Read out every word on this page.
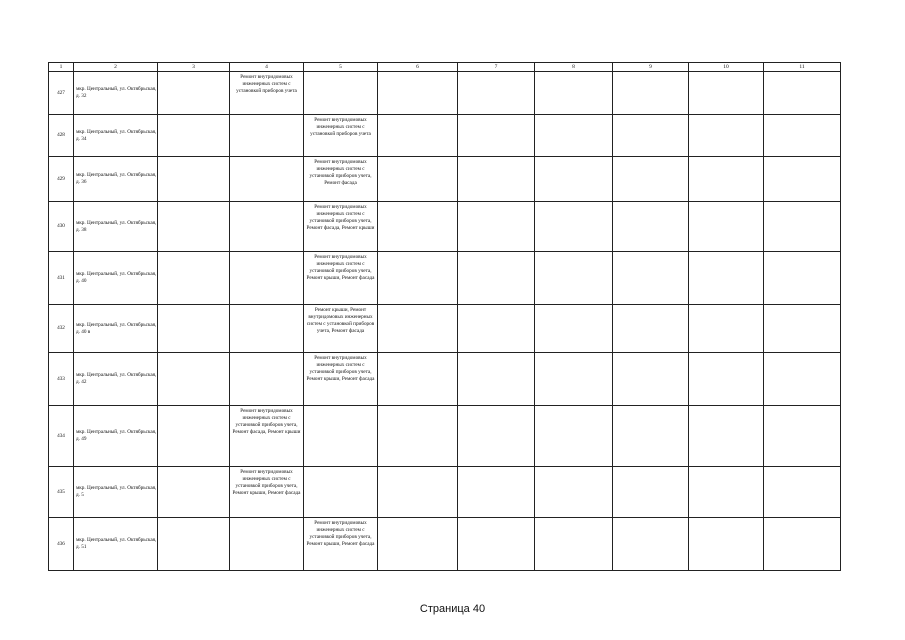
1	2	3	4	5	6	7	8	9	10	11
427	мкр. Центральный, ул. Октябрьская, д. 32		Ремонт внутридомовых инженерных систем с установкой приборов учета							
428	мкр. Центральный, ул. Октябрьская, д. 34			Ремонт внутридомовых инженерных систем с установкой приборов учета						
429	мкр. Центральный, ул. Октябрьская, д. 36			Ремонт внутридомовых инженерных систем с установкой приборов учета, Ремонт фасада						
430	мкр. Центральный, ул. Октябрьская, д. 38			Ремонт внутридомовых инженерных систем с установкой приборов учета, Ремонт фасада, Ремонт крыши						
431	мкр. Центральный, ул. Октябрьская, д. 40			Ремонт внутридомовых инженерных систем с установкой приборов учета, Ремонт крыши, Ремонт фасада						
432	мкр. Центральный, ул. Октябрьская, д. 40 в			Ремонт крыши, Ремонт внутридомовых инженерных систем с установкой приборов учета, Ремонт фасада						
433	мкр. Центральный, ул. Октябрьская, д. 42			Ремонт внутридомовых инженерных систем с установкой приборов учета, Ремонт крыши, Ремонт фасада						
434	мкр. Центральный, ул. Октябрьская, д. 49		Ремонт внутридомовых инженерных систем с установкой приборов учета, Ремонт фасада, Ремонт крыши							
435	мкр. Центральный, ул. Октябрьская, д. 5		Ремонт внутридомовых инженерных систем с установкой приборов учета, Ремонт крыши, Ремонт фасада							
436	мкр. Центральный, ул. Октябрьская, д. 51			Ремонт внутридомовых инженерных систем с установкой приборов учета, Ремонт крыши, Ремонт фасада						
Страница 40
